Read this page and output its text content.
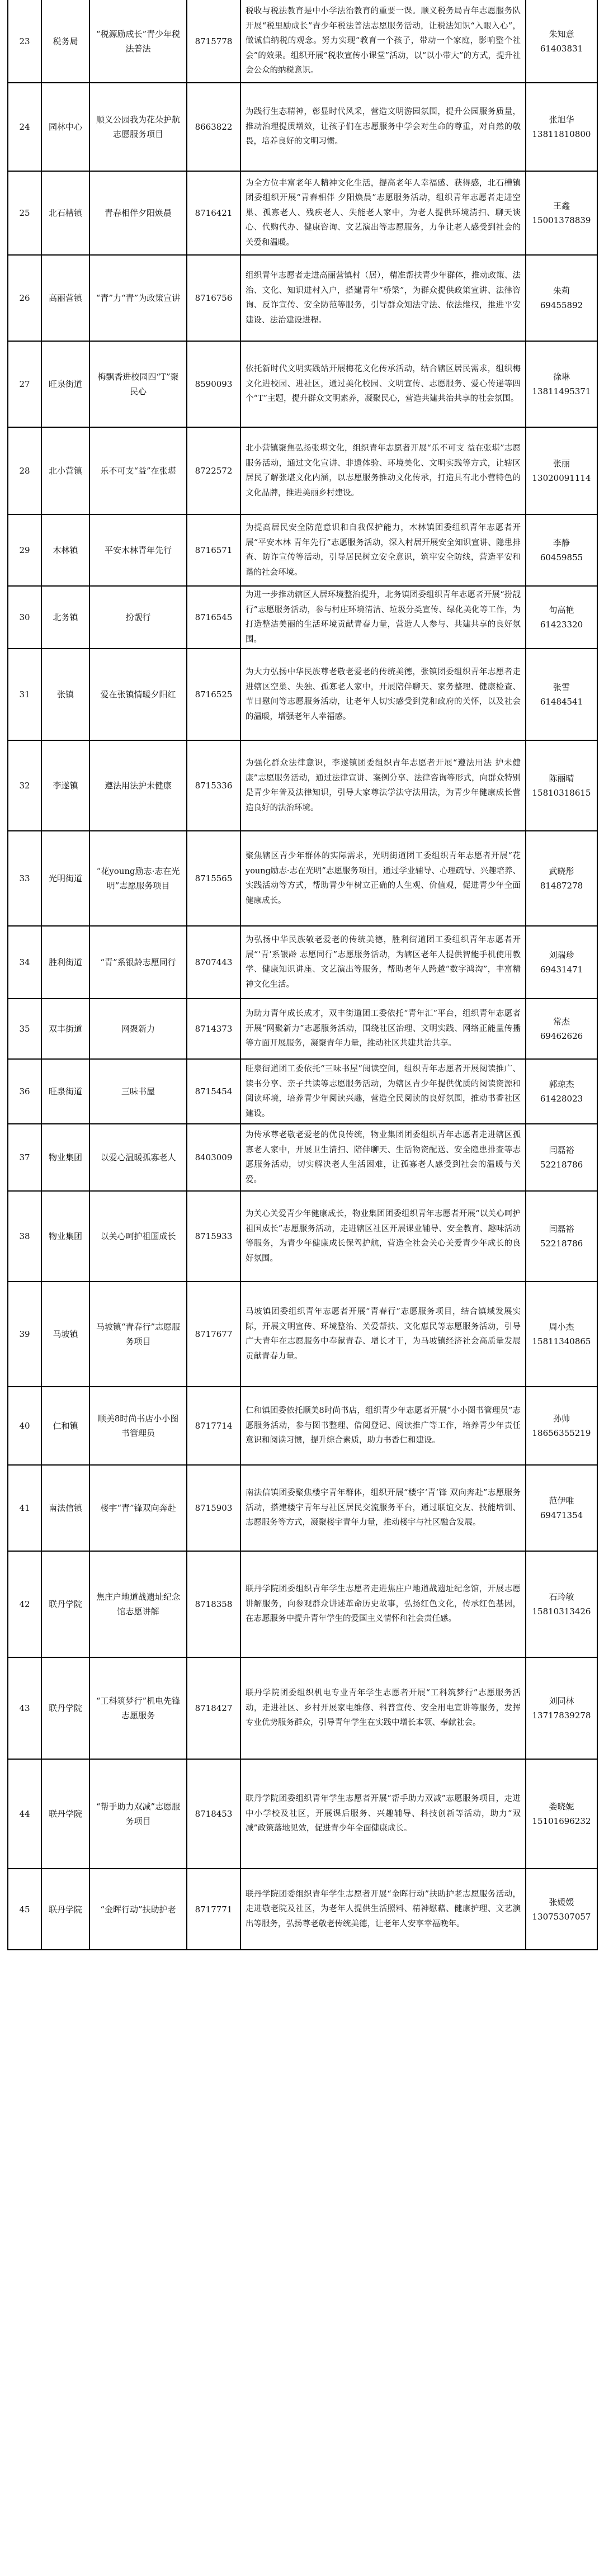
23	税务局	“税源励成长”青少年税法普法	8715778	税收与税法教育是中小学法治教育的重要一课。顺义税务局青年志愿服务队开展“税里励成长”青少年税法普法志愿服务活动，让税法知识“入眼入心”，做诚信纳税的观念。努力实现“教育一个孩子，带动一个家庭，影响整个社会”的效果。组织开展“税收宣传小课堂”活动，以“以小带大”的方式，提升社会公众的纳税意识。	朱知意
61403831

24	园林中心	顺义公园我为花朵护航志愿服务项目	8663822	为践行生态精神，彰显时代风采，营造文明游园氛围，提升公园服务质量，推动治理提质增效，让孩子们在志愿服务中学会对生命的尊重，对自然的敬畏，培养良好的文明习惯。	张旭华
13811810800

25	北石槽镇	青春相伴夕阳焕晨	8716421	为全方位丰富老年人精神文化生活，提高老年人幸福感、获得感，北石槽镇团委组织开展“青春相伴 夕阳焕晨”志愿服务活动，组织青年志愿者走进空巢、孤寡老人、残疾老人、失能老人家中，为老人提供环境清扫、聊天谈心、代购代办、健康咨询、文艺演出等志愿服务，力争让老人感受到社会的关爱和温暖。	王鑫
15001378839

26	高丽营镇	“青”力“青”为政策宣讲	8716756	组织青年志愿者走进高丽营镇村（居），精准帮扶青少年群体，推动政策、法治、文化、知识进村入户，搭建青年“桥梁”，为群众提供政策宣讲、法律咨询、反诈宣传、安全防范等服务，引导群众知法守法、依法维权，推进平安建设、法治建设进程。	朱莉
69455892

27	旺泉街道	梅飘香进校园四“T”聚民心	8590093	依托新时代文明实践站开展梅花文化传承活动，结合辖区居民需求，组织梅文化进校园、进社区，通过美化校园、文明宣传、志愿服务、爱心传递等四个“T”主题，提升群众文明素养，凝聚民心，营造共建共治共享的社会氛围。	徐琳
13811495371

28	北小营镇	乐不可支“益”在张堪	8722572	北小营镇聚焦弘扬张堪文化，组织青年志愿者开展“乐不可支 益在张堪”志愿服务活动，通过文化宣讲、非遗体验、环境美化、文明实践等方式，让辖区居民了解张堪文化内涵，以志愿服务推动文化传承，打造具有北小营特色的文化品牌，推进美丽乡村建设。	张丽
13020091114

29	木林镇	平安木林青年先行	8716571	为提高居民安全防范意识和自我保护能力，木林镇团委组织青年志愿者开展“平安木林 青年先行”志愿服务活动，深入村居开展安全知识宣讲、隐患排查、防诈宣传等活动，引导居民树立安全意识，筑牢安全防线，营造平安和谐的社会环境。	李静
60459855

30	北务镇	扮靓行	8716545	为进一步推动辖区人居环境整治提升，北务镇团委组织青年志愿者开展“扮靓行”志愿服务活动，参与村庄环境清洁、垃圾分类宣传、绿化美化等工作，为打造整洁美丽的生活环境贡献青春力量，营造人人参与、共建共享的良好氛围。	句高艳
61423320

31	张镇	爱在张镇情暖夕阳红	8716525	为大力弘扬中华民族尊老敬老爱老的传统美德，张镇团委组织青年志愿者走进辖区空巢、失独、孤寡老人家中，开展陪伴聊天、家务整理、健康检查、节日慰问等志愿服务活动，让老年人切实感受到党和政府的关怀，以及社会的温暖，增强老年人幸福感。	张雪
61484541

32	李遂镇	遵法用法护未健康	8715336	为强化群众法律意识，李遂镇团委组织青年志愿者开展“遵法用法 护未健康”志愿服务活动，通过法律宣讲、案例分享、法律咨询等形式，向群众特别是青少年普及法律知识，引导大家尊法学法守法用法，为青少年健康成长营造良好的法治环境。	陈丽晴
15810318615

33	光明街道	“花young励志·志在光明”志愿服务项目	8715565	聚焦辖区青少年群体的实际需求，光明街道团工委组织青年志愿者开展“花young励志·志在光明”志愿服务项目，通过学业辅导、心理疏导、兴趣培养、实践活动等方式，帮助青少年树立正确的人生观、价值观，促进青少年全面健康成长。	武晓彤
81487278

34	胜利街道	“青”系银龄志愿同行	8707443	为弘扬中华民族敬老爱老的传统美德，胜利街道团工委组织青年志愿者开展“‘青’系银龄 志愿同行”志愿服务活动，为辖区老年人提供智能手机使用教学、健康知识讲座、文艺演出等服务，帮助老年人跨越“数字鸿沟”，丰富精神文化生活。	刘瑞珍
69431471

35	双丰街道	网聚新力	8714373	为助力青年成长成才，双丰街道团工委依托“青年汇”平台，组织青年志愿者开展“网聚新力”志愿服务活动，围绕社区治理、文明实践、网络正能量传播等方面开展服务，凝聚青年力量，推动社区共建共治共享。	常杰
69462626

36	旺泉街道	三味书屋	8715454	旺泉街道团工委依托“三味书屋”阅读空间，组织青年志愿者开展阅读推广、读书分享、亲子共读等志愿服务活动，为辖区青少年提供优质的阅读资源和阅读环境，培养青少年阅读兴趣，营造全民阅读的良好氛围，推动书香社区建设。	郭琼杰
61428023

37	物业集团	以爱心温暖孤寡老人	8403009	为传承尊老敬老爱老的优良传统，物业集团团委组织青年志愿者走进辖区孤寡老人家中，开展卫生清扫、陪伴聊天、生活物资配送、安全隐患排查等志愿服务活动，切实解决老人生活困难，让孤寡老人感受到社会的温暖与关爱。	闫磊裕
52218786

38	物业集团	以关心呵护祖国成长	8715933	为关心关爱青少年健康成长，物业集团团委组织青年志愿者开展“以关心呵护祖国成长”志愿服务活动，走进辖区社区开展课业辅导、安全教育、趣味活动等服务，为青少年健康成长保驾护航，营造全社会关心关爱青少年成长的良好氛围。	闫磊裕
52218786

39	马坡镇	马坡镇“青春行”志愿服务项目	8717677	马坡镇团委组织青年志愿者开展“青春行”志愿服务项目，结合镇域发展实际，开展文明宣传、环境整治、关爱帮扶、文化惠民等志愿服务活动，引导广大青年在志愿服务中奉献青春、增长才干，为马坡镇经济社会高质量发展贡献青春力量。	周小杰
15811340865

40	仁和镇	顺美8时尚书店小小图书管理员	8717714	仁和镇团委依托顺美8时尚书店，组织青少年志愿者开展“小小图书管理员”志愿服务活动，参与图书整理、借阅登记、阅读推广等工作，培养青少年责任意识和阅读习惯，提升综合素质，助力书香仁和建设。	孙帅
18656355219

41	南法信镇	楼宇“青”锋双向奔赴	8715903	南法信镇团委聚焦楼宇青年群体，组织开展“楼宇‘青’锋 双向奔赴”志愿服务活动，搭建楼宇青年与社区居民交流服务平台，通过联谊交友、技能培训、志愿服务等方式，凝聚楼宇青年力量，推动楼宇与社区融合发展。	范伊唯
69471354

42	联丹学院	焦庄户地道战遗址纪念馆志愿讲解	8718358	联丹学院团委组织青年学生志愿者走进焦庄户地道战遗址纪念馆，开展志愿讲解服务，向参观群众讲述革命历史故事，弘扬红色文化，传承红色基因，在志愿服务中提升青年学生的爱国主义情怀和社会责任感。	石玲敏
15810313426

43	联丹学院	“工科筑梦行”机电先锋志愿服务	8718427	联丹学院团委组织机电专业青年学生志愿者开展“工科筑梦行”志愿服务活动，走进社区、乡村开展家电维修、科普宣传、安全用电宣讲等服务，发挥专业优势服务群众，引导青年学生在实践中增长本领、奉献社会。	刘同林
13717839278

44	联丹学院	“帮手助力双减”志愿服务项目	8718453	联丹学院团委组织青年学生志愿者开展“帮手助力双减”志愿服务项目，走进中小学校及社区，开展课后服务、兴趣辅导、科技创新等活动，助力“双减”政策落地见效，促进青少年全面健康成长。	娄晓妮
15101696232

45	联丹学院	“金晖行动”扶助护老	8717771	联丹学院团委组织青年学生志愿者开展“金晖行动”扶助护老志愿服务活动，走进敬老院及社区，为老年人提供生活照料、精神慰藉、健康护理、文艺演出等服务，弘扬尊老敬老传统美德，让老年人安享幸福晚年。	张媛媛
13075307057
